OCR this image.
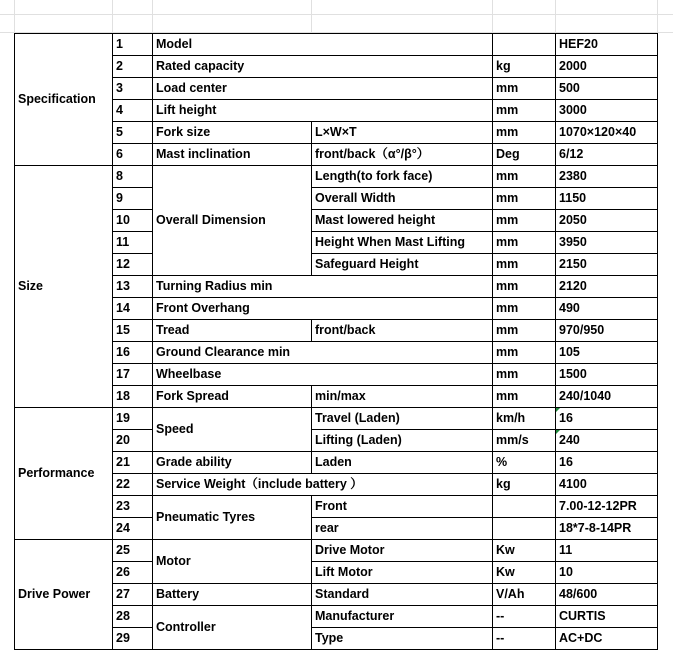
Specification	1	Model			HEF20
	2	Rated capacity		kg	2000
	3	Load center		mm	500
	4	Lift height		mm	3000
	5	Fork size	L×W×T	mm	1070×120×40
	6	Mast inclination	front/back（α°/β°）	Deg	6/12
Size	8	Overall Dimension	Length(to fork face)	mm	2380
	9		Overall Width	mm	1150
	10		Mast lowered height	mm	2050
	11		Height When Mast Lifting	mm	3950
	12		Safeguard Height	mm	2150
	13	Turning Radius min		mm	2120
	14	Front Overhang		mm	490
	15	Tread	front/back	mm	970/950
	16	Ground Clearance min		mm	105
	17	Wheelbase		mm	1500
	18	Fork Spread	min/max	mm	240/1040
Performance	19	Speed	Travel (Laden)	km/h	16
	20		Lifting (Laden)	mm/s	240
	21	Grade ability	Laden	%	16
	22	Service Weight（include battery ）		kg	4100
	23	Pneumatic Tyres	Front		7.00-12-12PR
	24		rear		18*7-8-14PR
Drive Power	25	Motor	Drive Motor	Kw	11
	26		Lift Motor	Kw	10
	27	Battery	Standard	V/Ah	48/600
	28	Controller	Manufacturer	--	CURTIS
	29		Type	--	AC+DC
